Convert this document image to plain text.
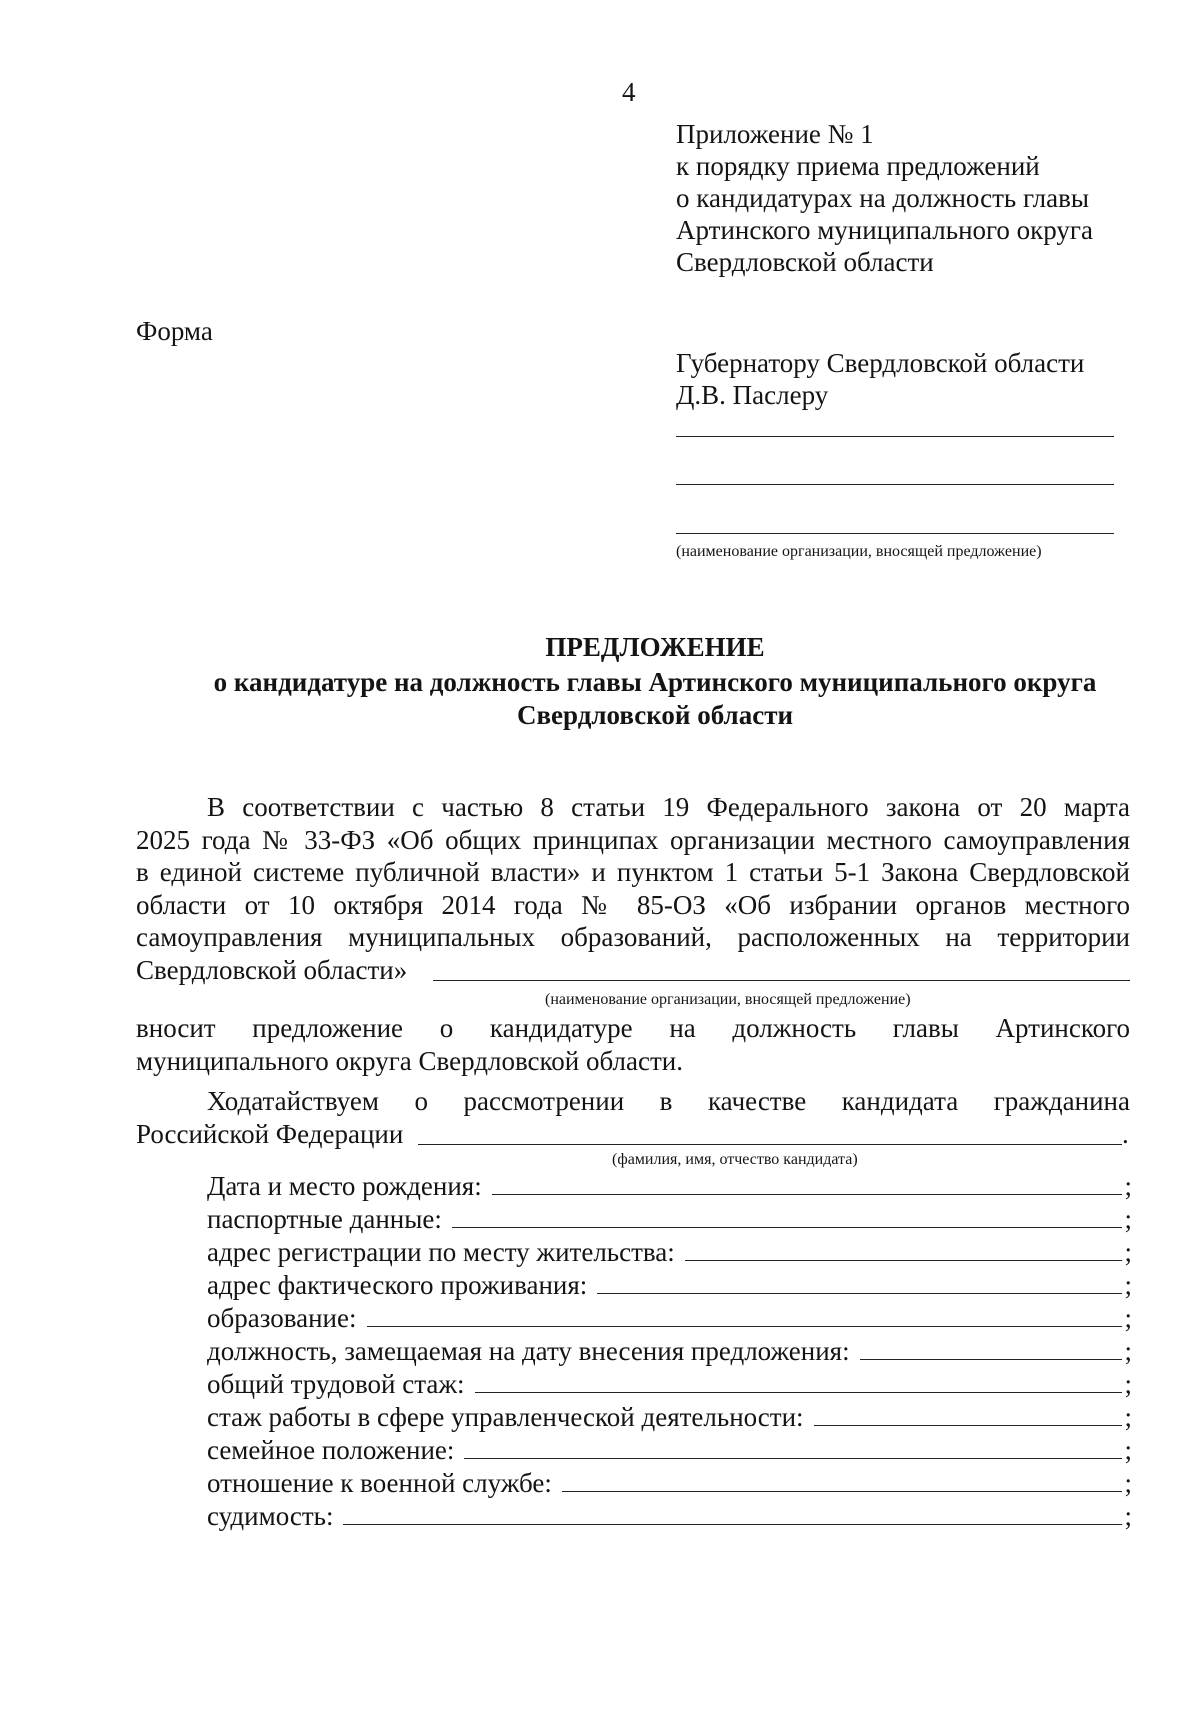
4
Приложение № 1
к порядку приема предложений
о кандидатурах на должность главы
Артинского муниципального округа
Свердловской области
Форма
Губернатору Свердловской области
Д.В. Паслеру
(наименование организации, вносящей предложение)
ПРЕДЛОЖЕНИЕ
о кандидатуре на должность главы Артинского муниципального округа
Свердловской области
В соответствии с частью 8 статьи 19 Федерального закона от 20 марта
2025 года № 33-ФЗ «Об общих принципах организации местного самоуправления
в единой системе публичной власти» и пунктом 1 статьи 5-1 Закона Свердловской
области от 10 октября 2014 года № 85-ОЗ «Об избрании органов местного
самоуправления муниципальных образований, расположенных на территории
Свердловской области»
(наименование организации, вносящей предложение)
вносит предложение о кандидатуре на должность главы Артинского
муниципального округа Свердловской области.
Ходатайствуем о рассмотрении в качестве кандидата гражданина
Российской Федерации	.
(фамилия, имя, отчество кандидата)
Дата и место рождения:	;
паспортные данные:	;
адрес регистрации по месту жительства:	;
адрес фактического проживания:	;
образование:	;
должность, замещаемая на дату внесения предложения:	;
общий трудовой стаж:	;
стаж работы в сфере управленческой деятельности:	;
семейное положение:	;
отношение к военной службе:	;
судимость:	;
